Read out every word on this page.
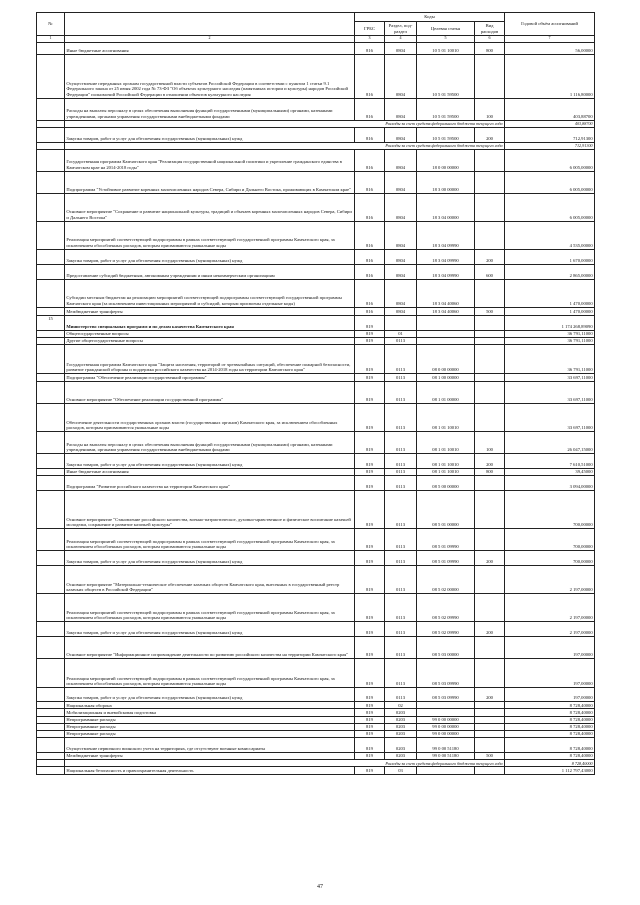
№		Коды				Годовой объём ассигнований
		ГРБС	Раздел, под-раздел	Целевая статья	Вид расходов	
1	2	3	4	5	6	7
	Иные бюджетные ассигнования	816	0804	10 5 01 10010	800	56,00000
	Осуществление переданных органам государственной власти субъектов Российской Федерации в соответствии с пунктом 1 статьи 9.1 Федерального закона от 25 июня 2002 года № 73-ФЗ "Об объектах культурного наследия (памятниках истории и культуры) народов Российской Федерации" полномочий Российской Федерации в отношении объектов культурного наследия	816	0804	10 5 01 59500		1 116,80000
	Расходы на выплаты персоналу в целях обеспечения выполнения функций государственными (муниципальными) органами, казенными учреждениями, органами управления государственными внебюджетными фондами	816	0804	10 5 01 59500	100	403,88700
	Расходы за счет средств федерального бюджета текущего года					403,88700
	Закупка товаров, работ и услуг для обеспечения государственных (муниципальных) нужд	816	0804	10 5 01 59500	200	712,91300
	Расходы за счет средств федерального бюджета текущего года					712,91300
	Государственная программа Камчатского края "Реализация государственной национальной политики и укрепление гражданского единства в Камчатском крае на 2014-2018 годы"	816	0804	18 0 00 00000		6 005,00000
	Подпрограмма "Устойчивое развитие коренных малочисленных народов Севера, Сибири и Дальнего Востока, проживающих в Камчатском крае"	816	0804	18 3 00 00000		6 005,00000
	Основное мероприятие "Сохранение и развитие национальной культуры, традиций и обычаев коренных малочисленных народов Севера, Сибири и Дальнего Востока"	816	0804	18 3 04 00000		6 005,00000
	Реализация мероприятий соответствующей подпрограммы в рамках соответствующей государственной программы Камчатского края, за исключением обособленных расходов, которым присваиваются уникальные коды	816	0804	18 3 04 09990		4 535,00000
	Закупка товаров, работ и услуг для обеспечения государственных (муниципальных) нужд	816	0804	18 3 04 09990	200	1 670,00000
	Предоставление субсидий бюджетным, автономным учреждениям и иным некоммерческим организациям	816	0804	18 3 04 09990	600	2 865,00000
	Субсидии местным бюджетам на реализацию мероприятий соответствующей подпрограммы соответствующей государственной программы Камчатского края (за исключением инвестиционных мероприятий и субсидий, которым присвоены отдельные коды)	816	0804	18 3 04 40060		1 470,00000
	Межбюджетные трансферты	816	0804	18 3 04 40060	500	1 470,00000
15	Министерство специальных программ и по делам казачества Камчатского края	819				1 174 268,89090
	Общегосударственные вопросы	819	01			36 791,11000
	Другие общегосударственные вопросы	819	0113			36 791,11000
	Государственная программа Камчатского края "Защита населения, территорий от чрезвычайных ситуаций, обеспечение пожарной безопасности, развитие гражданской обороны и поддержка российского казачества на 2014-2018 годы на территории Камчатского края"	819	0113	08 0 00 00000		36 791,11000
	Подпрограмма "Обеспечение реализации государственной программы"	819	0113	08 1 00 00000		33 697,11000
	Основное мероприятие "Обеспечение реализации государственной программы"	819	0113	08 1 01 00000		33 697,11000
	Обеспечение деятельности государственных органов власти (государственных органов) Камчатского края, за исключением обособленных расходов, которым присваиваются уникальные коды	819	0113	08 1 01 10010		33 697,11000
	Расходы на выплаты персоналу в целях обеспечения выполнения функций государственными (муниципальными) органами, казенными учреждениями, органами управления государственными внебюджетными фондами	819	0113	08 1 01 10010	100	26 047,15000
	Закупка товаров, работ и услуг для обеспечения государственных (муниципальных) нужд	819	0113	08 1 01 10010	200	7 610,51000
	Иные бюджетные ассигнования	819	0113	08 1 01 10010	800	39,45000
	Подпрограмма "Развитие российского казачества на территории Камчатского края"	819	0113	08 5 00 00000		3 094,00000
	Основное мероприятие "Становление российского казачества, военно-патриотическое, духовно-нравственное и физическое воспитание казачьей молодежи, сохранение и развитие казачьей культуры"	819	0113	08 5 01 00000		700,00000
	Реализация мероприятий соответствующей подпрограммы в рамках соответствующей государственной программы Камчатского края, за исключением обособленных расходов, которым присваиваются уникальные коды	819	0113	08 5 01 09990		700,00000
	Закупка товаров, работ и услуг для обеспечения государственных (муниципальных) нужд	819	0113	08 5 01 09990	200	700,00000
	Основное мероприятие "Материально-техническое обеспечение казачьих обществ Камчатского края, внесенных в государственный реестр казачьих обществ в Российской Федерации"	819	0113	08 5 02 00000		2 197,00000
	Реализация мероприятий соответствующей подпрограммы в рамках соответствующей государственной программы Камчатского края, за исключением обособленных расходов, которым присваиваются уникальные коды	819	0113	08 5 02 09990		2 197,00000
	Закупка товаров, работ и услуг для обеспечения государственных (муниципальных) нужд	819	0113	08 5 02 09990	200	2 197,00000
	Основное мероприятие "Информационное сопровождение деятельности по развитию российского казачества на территории Камчатского края"	819	0113	08 5 03 00000		197,00000
	Реализация мероприятий соответствующей подпрограммы в рамках соответствующей государственной программы Камчатского края, за исключением обособленных расходов, которым присваиваются уникальные коды	819	0113	08 5 03 09990		197,00000
	Закупка товаров, работ и услуг для обеспечения государственных (муниципальных) нужд	819	0113	08 5 03 09990	200	197,00000
	Национальная оборона	819	02			8 728,40000
	Мобилизационная и вневойсковая подготовка	819	0203			8 728,40000
	Непрограммные расходы	819	0203	99 0 00 00000		8 728,40000
	Непрограммные расходы	819	0203	99 0 00 00000		8 728,40000
	Непрограммные расходы	819	0203	99 0 00 00000		8 728,40000
	Осуществление первичного воинского учета на территориях, где отсутствуют военные комиссариаты	819	0203	99 0 00 51180		8 728,40000
	Межбюджетные трансферты	819	0203	99 0 00 51180	500	8 728,40000
	Расходы за счет средств федерального бюджета текущего года					8 728,40000
	Национальная безопасность и правоохранительная деятельность	819	03			1 112 797,43000
47
